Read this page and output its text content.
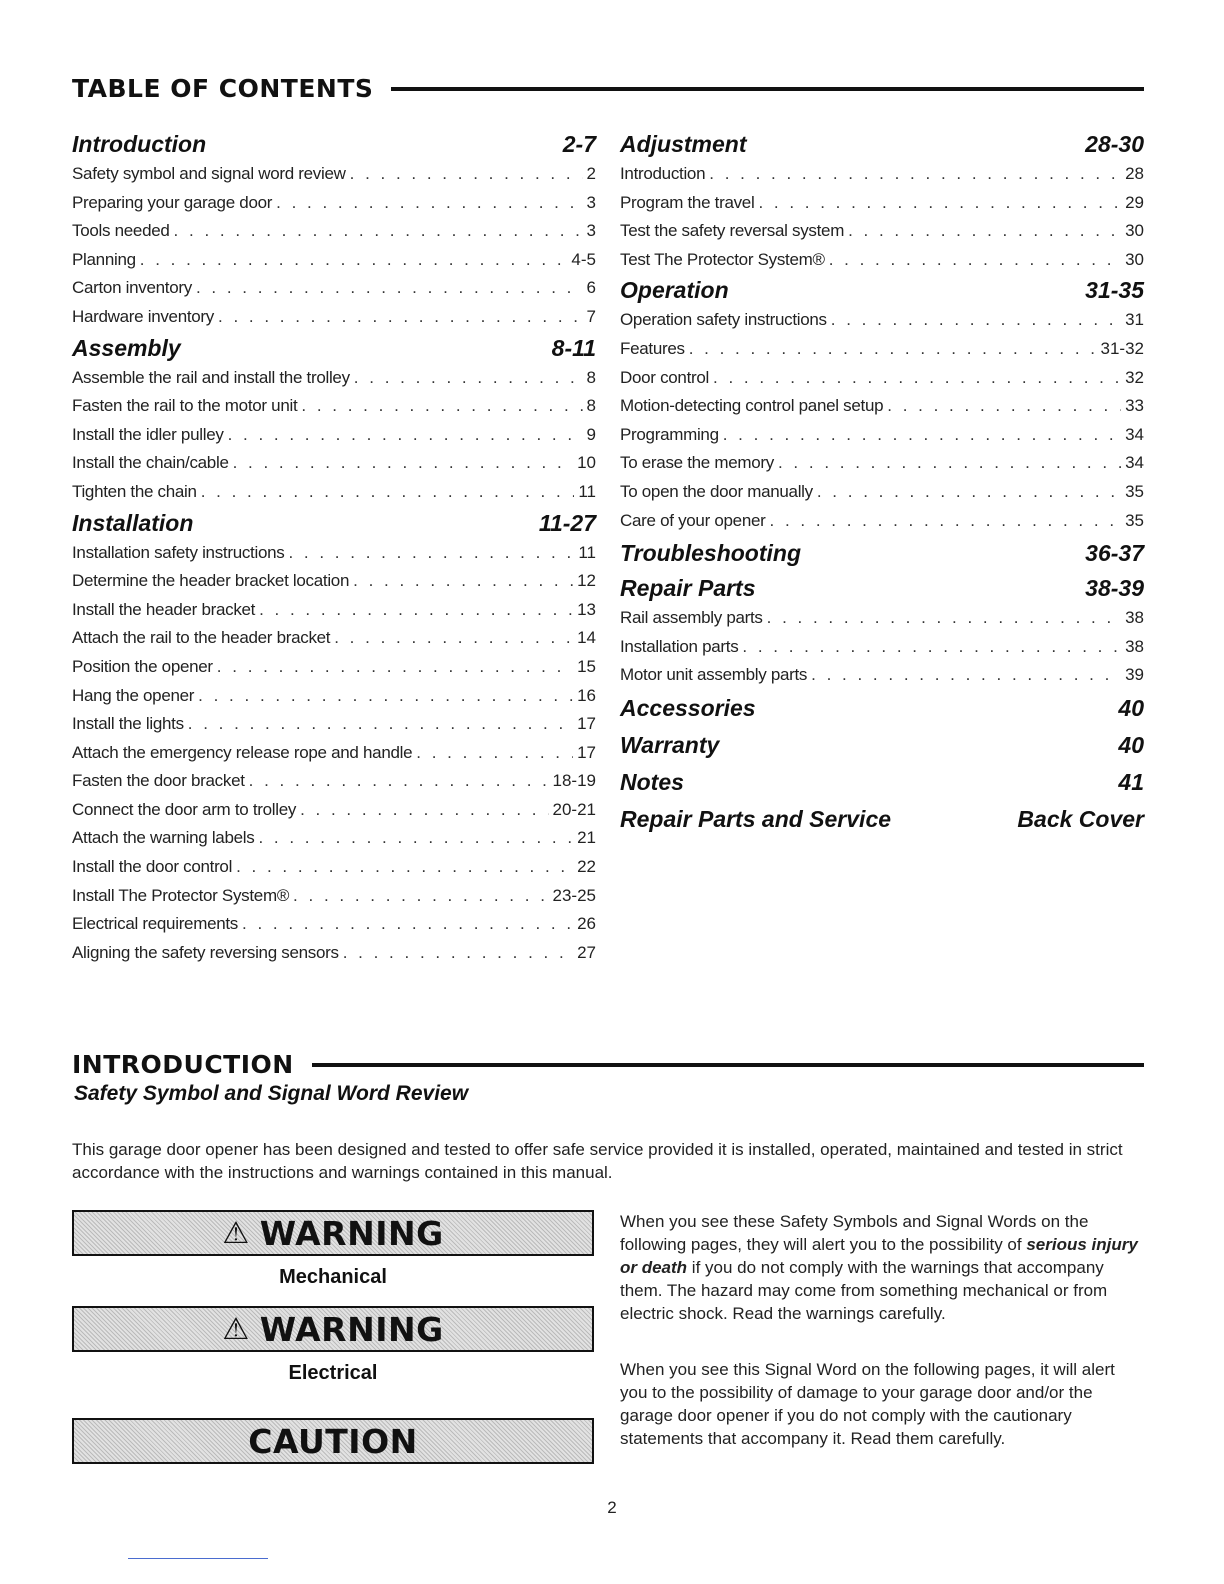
TABLE OF CONTENTS
Introduction	2-7
Safety symbol and signal word review . . .	2
Preparing your garage door . . .	3
Tools needed . . .	3
Planning . . .	4-5
Carton inventory . . .	6
Hardware inventory . . .	7
Assembly	8-11
Assemble the rail and install the trolley . . .	8
Fasten the rail to the motor unit . . .	8
Install the idler pulley . . .	9
Install the chain/cable . . .	10
Tighten the chain . . .	11
Installation	11-27
Installation safety instructions . . .	11
Determine the header bracket location . . .	12
Install the header bracket . . .	13
Attach the rail to the header bracket . . .	14
Position the opener . . .	15
Hang the opener . . .	16
Install the lights . . .	17
Attach the emergency release rope and handle . . .	17
Fasten the door bracket . . .	18-19
Connect the door arm to trolley . . .	20-21
Attach the warning labels . . .	21
Install the door control . . .	22
Install The Protector System® . . .	23-25
Electrical requirements . . .	26
Aligning the safety reversing sensors . . .	27
Adjustment	28-30
Introduction . . .	28
Program the travel . . .	29
Test the safety reversal system . . .	30
Test The Protector System® . . .	30
Operation	31-35
Operation safety instructions . . .	31
Features . . .	31-32
Door control . . .	32
Motion-detecting control panel setup . . .	33
Programming . . .	34
To erase the memory . . .	34
To open the door manually . . .	35
Care of your opener . . .	35
Troubleshooting	36-37
Repair Parts	38-39
Rail assembly parts . . .	38
Installation parts . . .	38
Motor unit assembly parts . . .	39
Accessories	40
Warranty	40
Notes	41
Repair Parts and Service	Back Cover
INTRODUCTION
Safety Symbol and Signal Word Review
This garage door opener has been designed and tested to offer safe service provided it is installed, operated, maintained and tested in strict accordance with the instructions and warnings contained in this manual.
⚠ WARNING
Mechanical
⚠ WARNING
Electrical
CAUTION
When you see these Safety Symbols and Signal Words on the following pages, they will alert you to the possibility of serious injury or death if you do not comply with the warnings that accompany them. The hazard may come from something mechanical or from electric shock. Read the warnings carefully.
When you see this Signal Word on the following pages, it will alert you to the possibility of damage to your garage door and/or the garage door opener if you do not comply with the cautionary statements that accompany it. Read them carefully.
2
